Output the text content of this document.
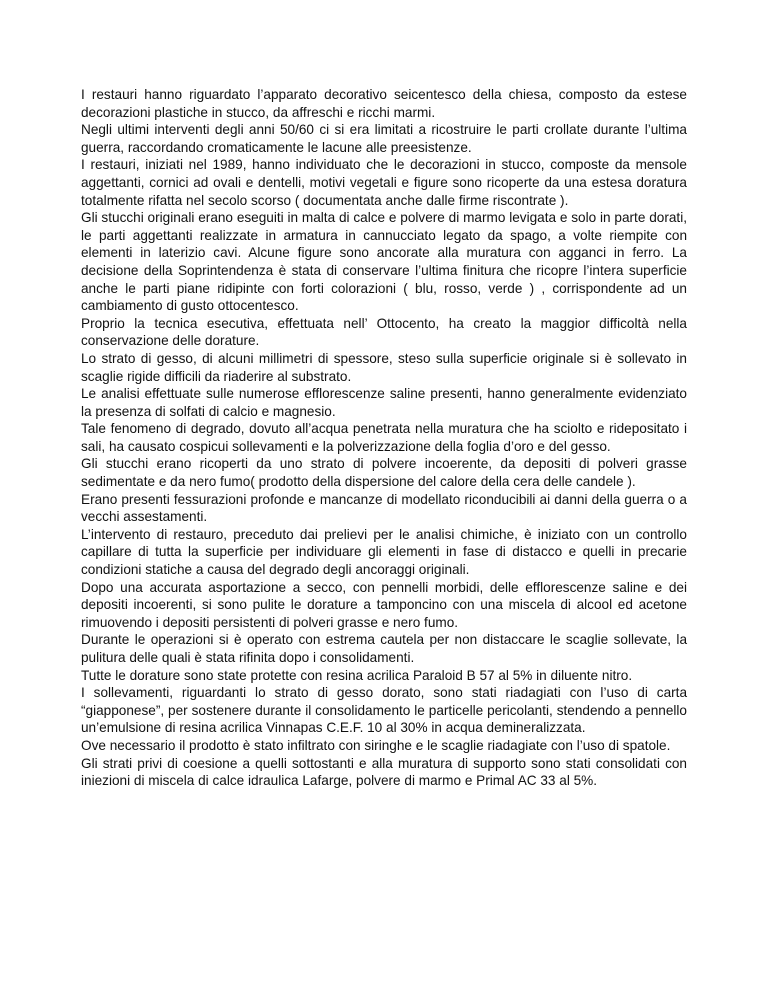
I restauri hanno riguardato l’apparato decorativo seicentesco della chiesa, composto da estese decorazioni plastiche in stucco, da affreschi e ricchi marmi.

Negli ultimi interventi degli anni 50/60 ci si era limitati a ricostruire le parti crollate durante l’ultima guerra, raccordando cromaticamente le lacune alle preesistenze.

I restauri, iniziati nel 1989, hanno individuato che le decorazioni in stucco, composte da mensole aggettanti, cornici ad ovali e dentelli, motivi vegetali e figure sono ricoperte da una estesa doratura totalmente rifatta nel secolo scorso ( documentata anche dalle firme riscontrate ).

Gli stucchi originali erano eseguiti in malta di calce e polvere di marmo levigata e solo in parte dorati, le parti aggettanti realizzate in armatura in cannucciato legato da spago, a volte riempite con elementi in laterizio cavi. Alcune figure sono ancorate alla muratura con agganci in ferro. La decisione della Soprintendenza è stata di conservare l’ultima finitura che ricopre l’intera superficie anche le parti piane ridipinte con forti colorazioni ( blu, rosso, verde ) , corrispondente ad un cambiamento di gusto ottocentesco.

Proprio la tecnica esecutiva, effettuata nell’ Ottocento, ha creato la maggior difficoltà nella conservazione delle dorature.

Lo strato di gesso, di alcuni millimetri di spessore, steso sulla superficie originale si è sollevato in scaglie rigide difficili da riaderire al substrato.

Le analisi effettuate sulle numerose efflorescenze saline presenti, hanno generalmente evidenziato la presenza di solfati di calcio e magnesio.

Tale fenomeno di degrado, dovuto all’acqua penetrata nella muratura che ha sciolto e ridepositato i sali, ha causato cospicui sollevamenti e la polverizzazione della foglia d’oro e del gesso.

Gli stucchi erano ricoperti da uno strato di polvere incoerente, da depositi di polveri grasse sedimentate e da nero fumo( prodotto della dispersione del calore della cera delle candele ).

Erano presenti fessurazioni profonde e mancanze di modellato riconducibili ai danni della guerra o a vecchi assestamenti.

L’intervento di restauro, preceduto dai prelievi per le analisi chimiche, è iniziato con un controllo capillare di tutta la superficie per individuare gli elementi in fase di distacco e quelli in precarie condizioni statiche a causa del degrado degli ancoraggi originali.

Dopo una accurata asportazione a secco, con pennelli morbidi, delle efflorescenze saline e dei depositi incoerenti, si sono pulite le dorature a tamponcino con una miscela di alcool ed acetone rimuovendo i depositi persistenti di polveri grasse e nero fumo.

Durante le operazioni si è operato con estrema cautela per non distaccare le scaglie sollevate, la pulitura delle quali è stata rifinita dopo i consolidamenti.

Tutte le dorature sono state protette con resina acrilica Paraloid B 57 al 5% in diluente nitro.

I sollevamenti, riguardanti lo strato di gesso dorato, sono stati riadagiati con l’uso di carta “giapponese”, per sostenere durante il consolidamento le particelle pericolanti, stendendo a pennello un’emulsione di resina acrilica Vinnapas C.E.F. 10 al 30% in acqua demineralizzata.

Ove necessario il prodotto è stato infiltrato con siringhe e le scaglie riadagiate con l’uso di spatole.

Gli strati privi di coesione a quelli sottostanti e alla muratura di supporto sono stati consolidati con iniezioni di miscela di calce idraulica Lafarge, polvere di marmo e Primal AC 33 al 5%.
